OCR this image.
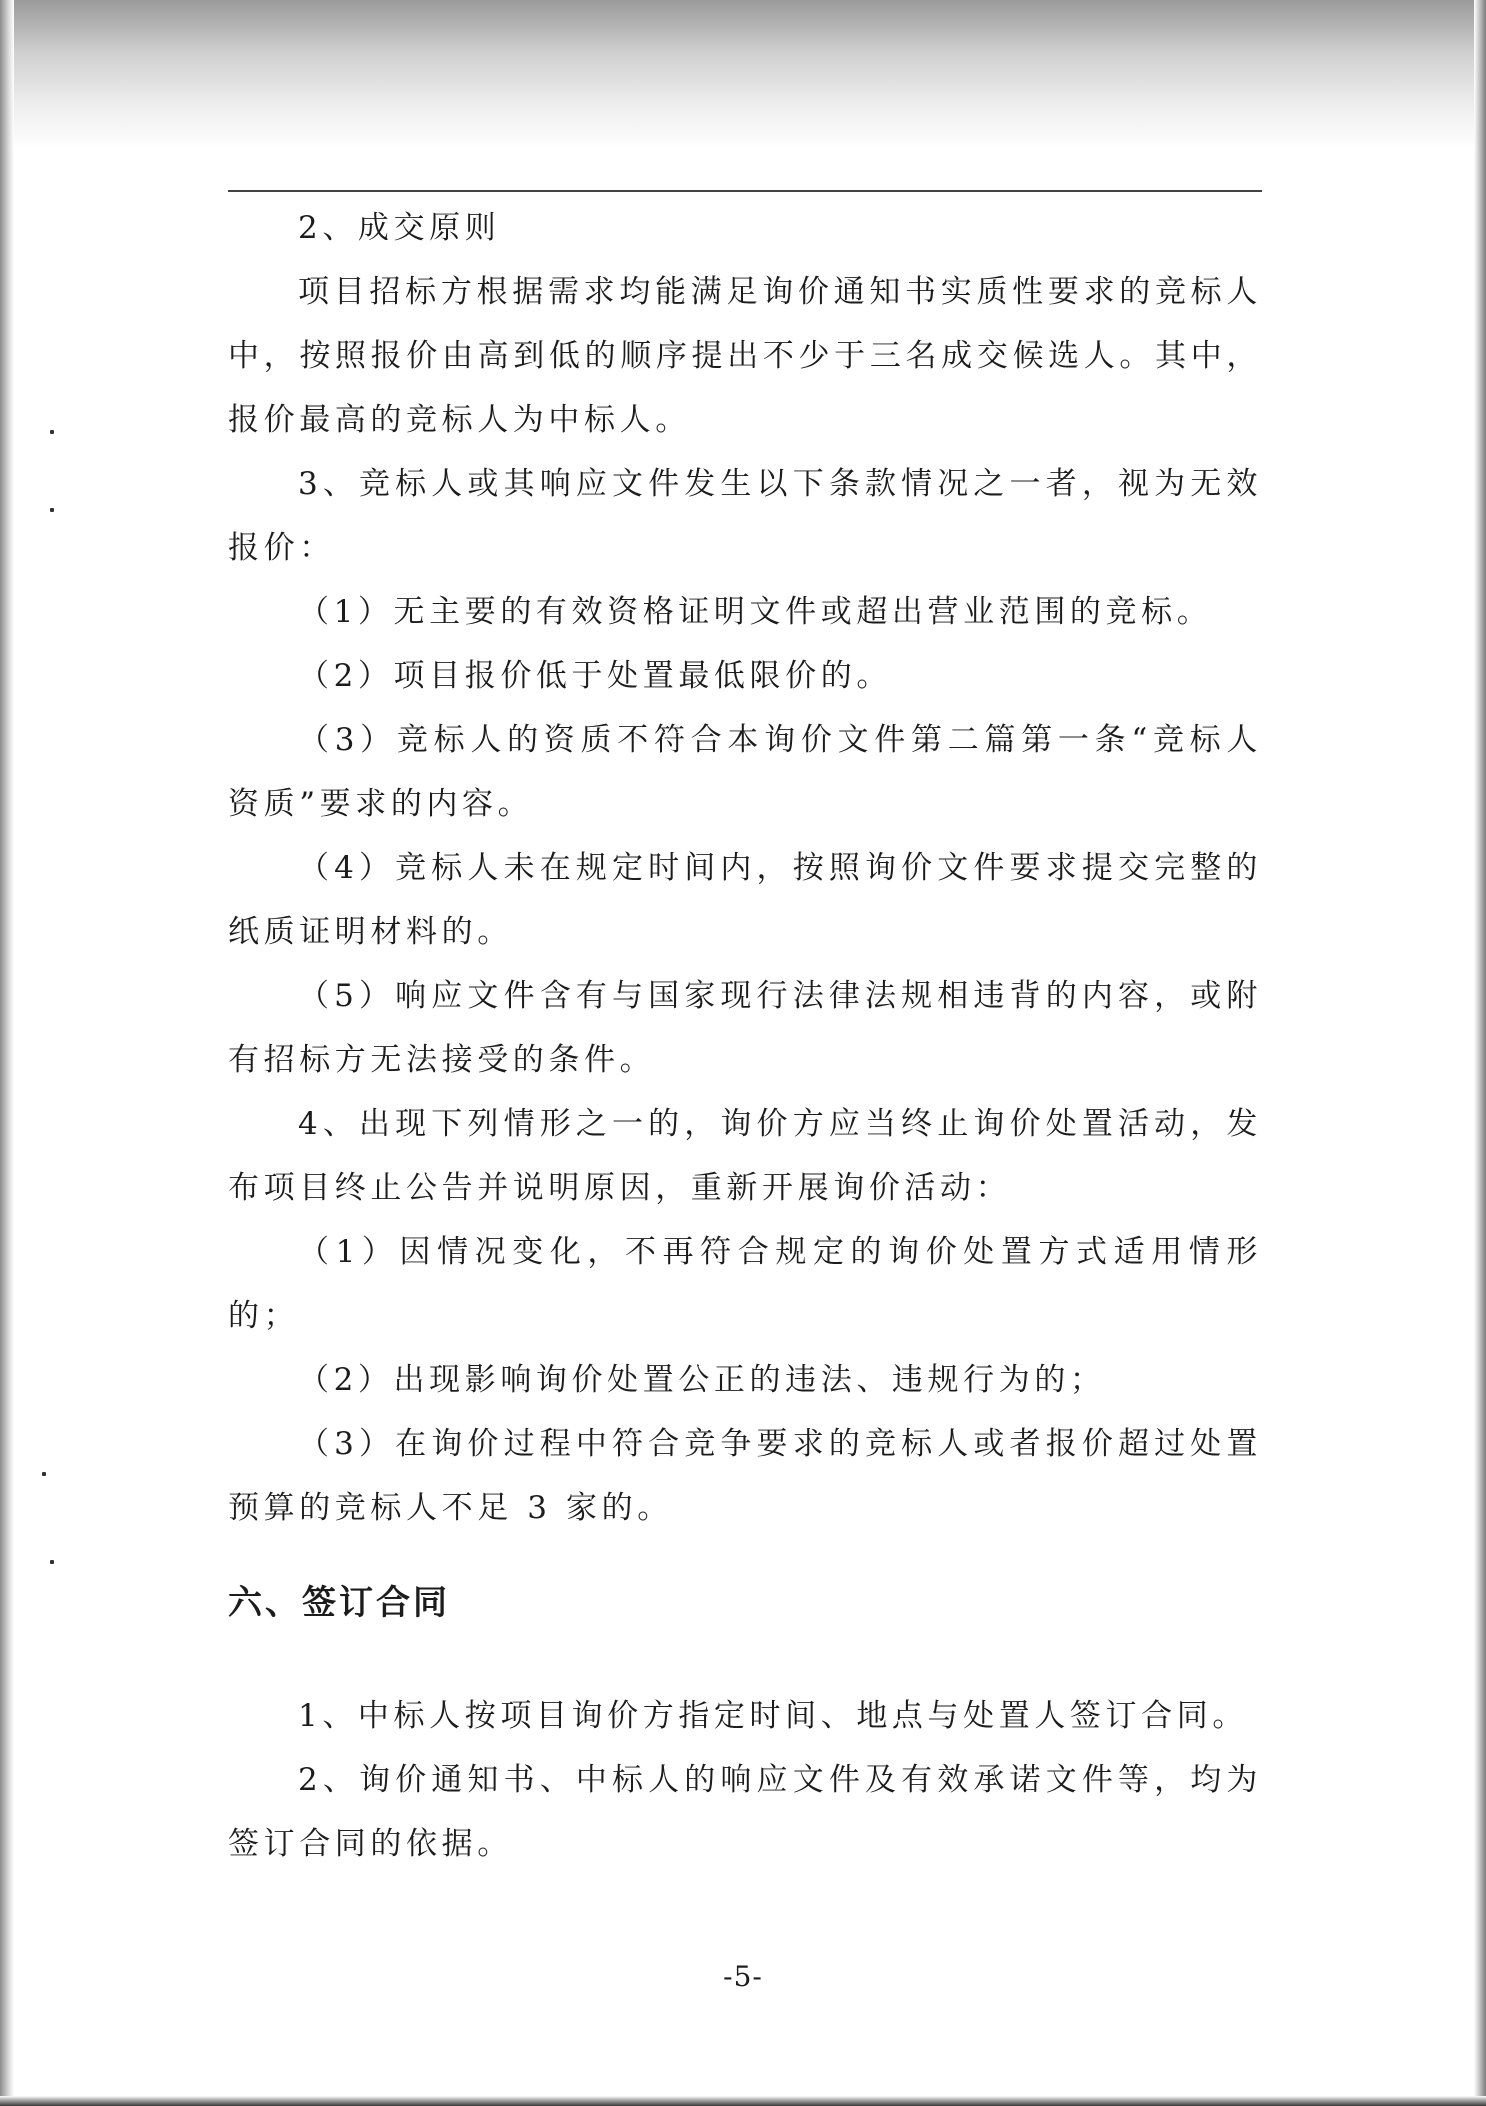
2、成交原则

项目招标方根据需求均能满足询价通知书实质性要求的竞标人中，按照报价由高到低的顺序提出不少于三名成交候选人。其中，报价最高的竞标人为中标人。

3、竞标人或其响应文件发生以下条款情况之一者，视为无效报价：

（1）无主要的有效资格证明文件或超出营业范围的竞标。

（2）项目报价低于处置最低限价的。

（3）竞标人的资质不符合本询价文件第二篇第一条“竞标人资质”要求的内容。

（4）竞标人未在规定时间内，按照询价文件要求提交完整的纸质证明材料的。

（5）响应文件含有与国家现行法律法规相违背的内容，或附有招标方无法接受的条件。

4、出现下列情形之一的，询价方应当终止询价处置活动，发布项目终止公告并说明原因，重新开展询价活动：

（1）因情况变化，不再符合规定的询价处置方式适用情形的；

（2）出现影响询价处置公正的违法、违规行为的；

（3）在询价过程中符合竞争要求的竞标人或者报价超过处置预算的竞标人不足 3 家的。

六、签订合同

1、中标人按项目询价方指定时间、地点与处置人签订合同。

2、询价通知书、中标人的响应文件及有效承诺文件等，均为签订合同的依据。

-5-
